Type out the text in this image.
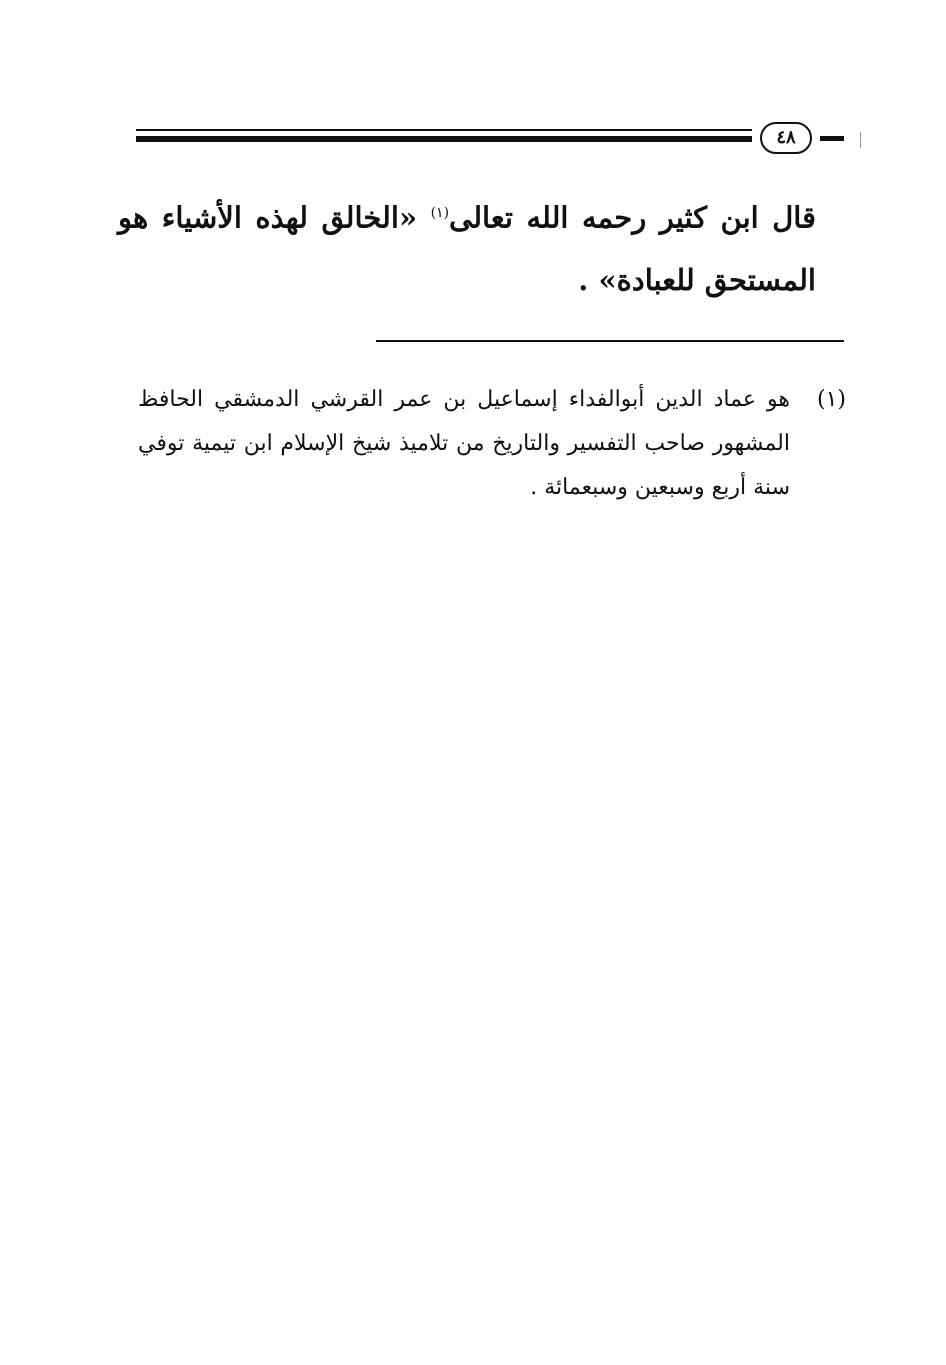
٤٨
قال ابن كثير رحمه الله تعالى$^{(١)}$ «الخالق لهذه الأشياء هو المستحق للعبادة» .
(١)
هو عماد الدين أبوالفداء إسماعيل بن عمر القرشي الدمشقي الحافظ المشهور صاحب التفسير والتاريخ من تلاميذ شيخ الإسلام ابن تيمية توفي سنة أربع وسبعين وسبعمائة .
